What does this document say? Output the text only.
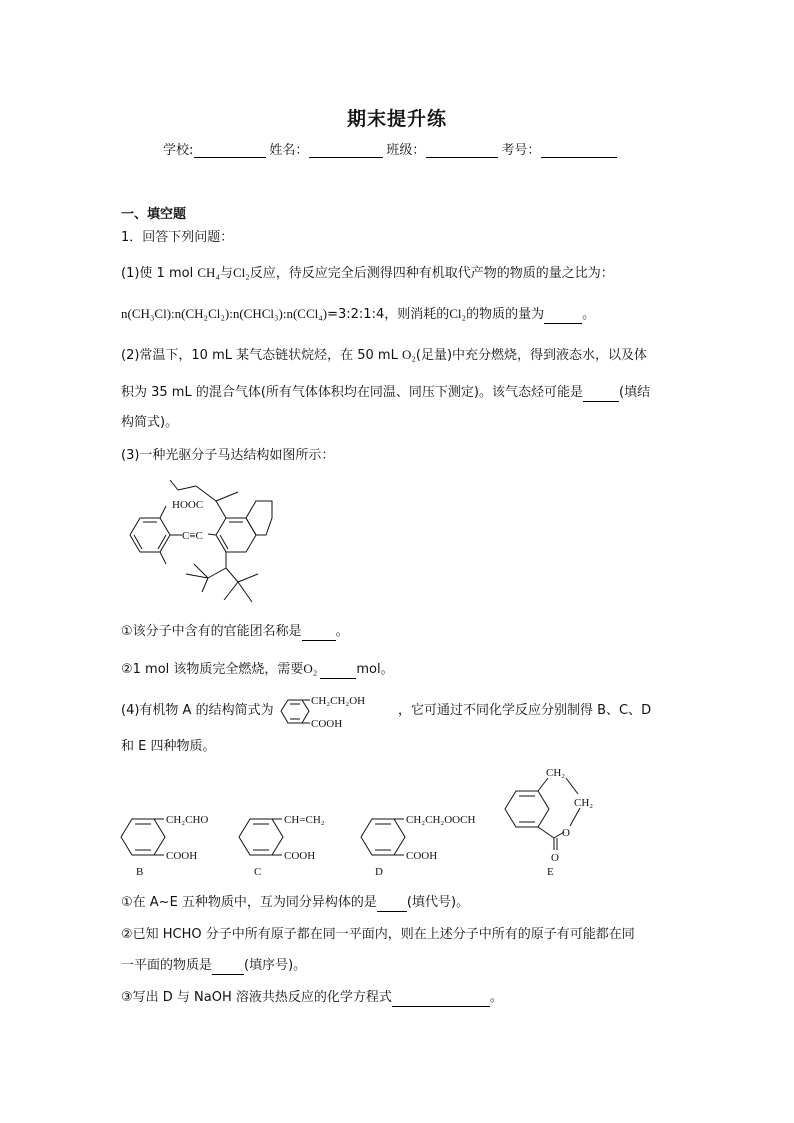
期末提升练
学校:	姓名：	班级：	考号：
一、填空题
1．回答下列问题：
(1)使 1 mol CH₄与Cl₂反应，待反应完全后测得四种有机取代产物的物质的量之比为：
n(CH₃Cl):n(CH₂Cl₂):n(CHCl₃):n(CCl₄)=3:2:1:4，则消耗的Cl₂的物质的量为	。
(2)常温下，10 mL 某气态链状烷烃，在 50 mL O₂(足量)中充分燃烧，得到液态水，以及体
积为 35 mL 的混合气体(所有气体体积均在同温、同压下测定)。该气态烃可能是	(填结
构简式)。
(3)一种光驱分子马达结构如图所示：
HOOC
C≡C
①该分子中含有的官能团名称是	。
②1 mol 该物质完全燃烧，需要O₂	mol。
(4)有机物 A 的结构简式为
CH₂CH₂OH
COOH
，它可通过不同化学反应分别制得 B、C、D
和 E 四种物质。
CH₂CHO
COOH
B
CH=CH₂
COOH
C
CH₂CH₂OOCH
COOH
D
CH₂
CH₂
O
O
E
①在 A~E 五种物质中，互为同分异构体的是 (填代号)。
②已知 HCHO 分子中所有原子都在同一平面内，则在上述分子中所有的原子有可能都在同
一平面的物质是 (填序号)。
③写出 D 与 NaOH 溶液共热反应的化学方程式	。
